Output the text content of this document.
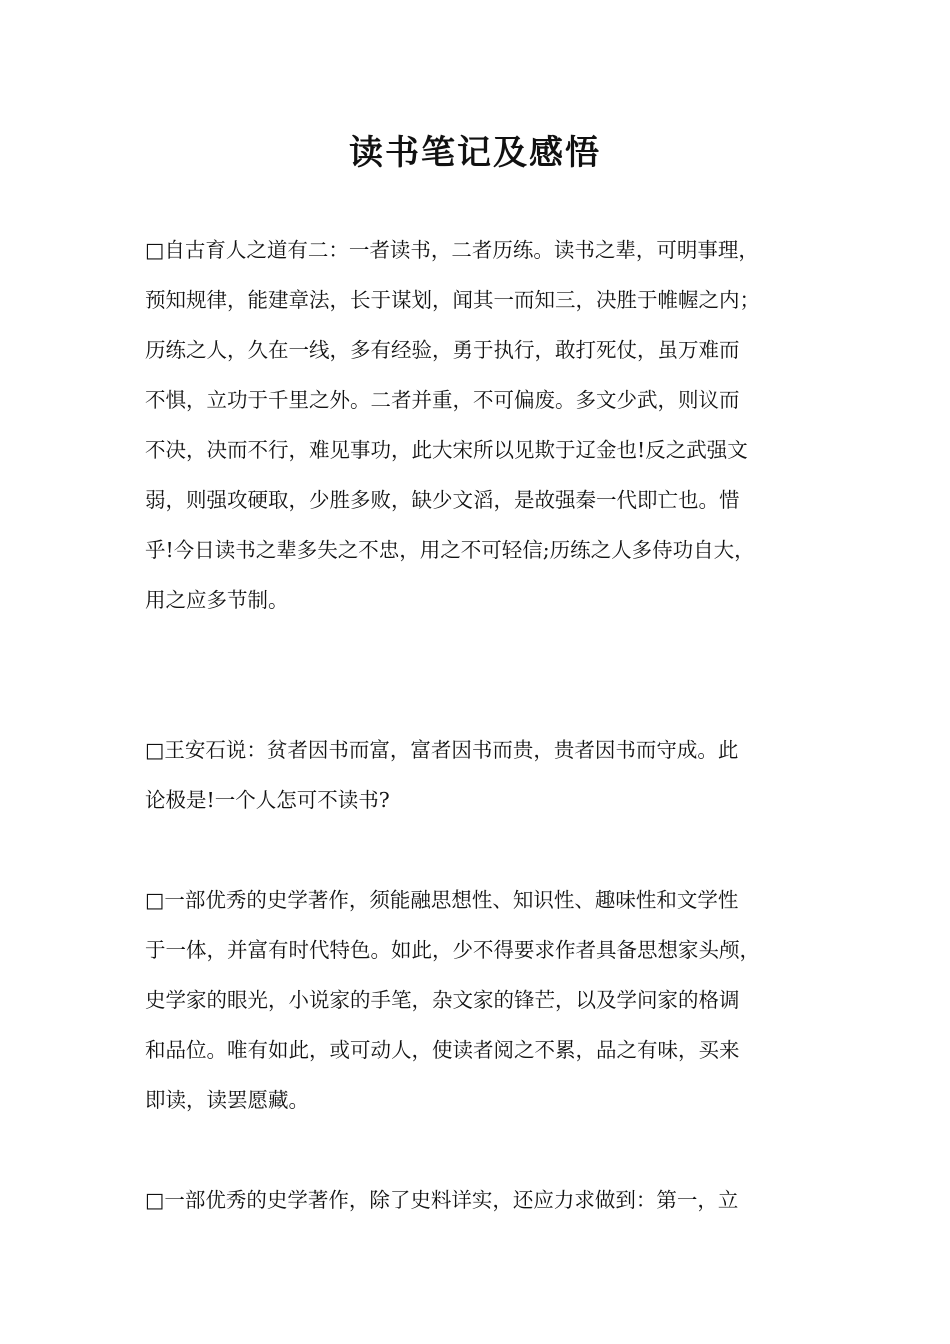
读书笔记及感悟
□自古育人之道有二：一者读书，二者历练。读书之辈，可明事理，
预知规律，能建章法，长于谋划，闻其一而知三，决胜于帷幄之内；
历练之人，久在一线，多有经验，勇于执行，敢打死仗，虽万难而
不惧，立功于千里之外。二者并重，不可偏废。多文少武，则议而
不决，决而不行，难见事功，此大宋所以见欺于辽金也!反之武强文
弱，则强攻硬取，少胜多败，缺少文滔，是故强秦一代即亡也。惜
乎!今日读书之辈多失之不忠，用之不可轻信;历练之人多侍功自大，
用之应多节制。
□王安石说：贫者因书而富，富者因书而贵，贵者因书而守成。此
论极是!一个人怎可不读书?
□一部优秀的史学著作，须能融思想性、知识性、趣味性和文学性
于一体，并富有时代特色。如此，少不得要求作者具备思想家头颅，
史学家的眼光，小说家的手笔，杂文家的锋芒，以及学问家的格调
和品位。唯有如此，或可动人，使读者阅之不累，品之有味，买来
即读，读罢愿藏。
□一部优秀的史学著作，除了史料详实，还应力求做到：第一，立
